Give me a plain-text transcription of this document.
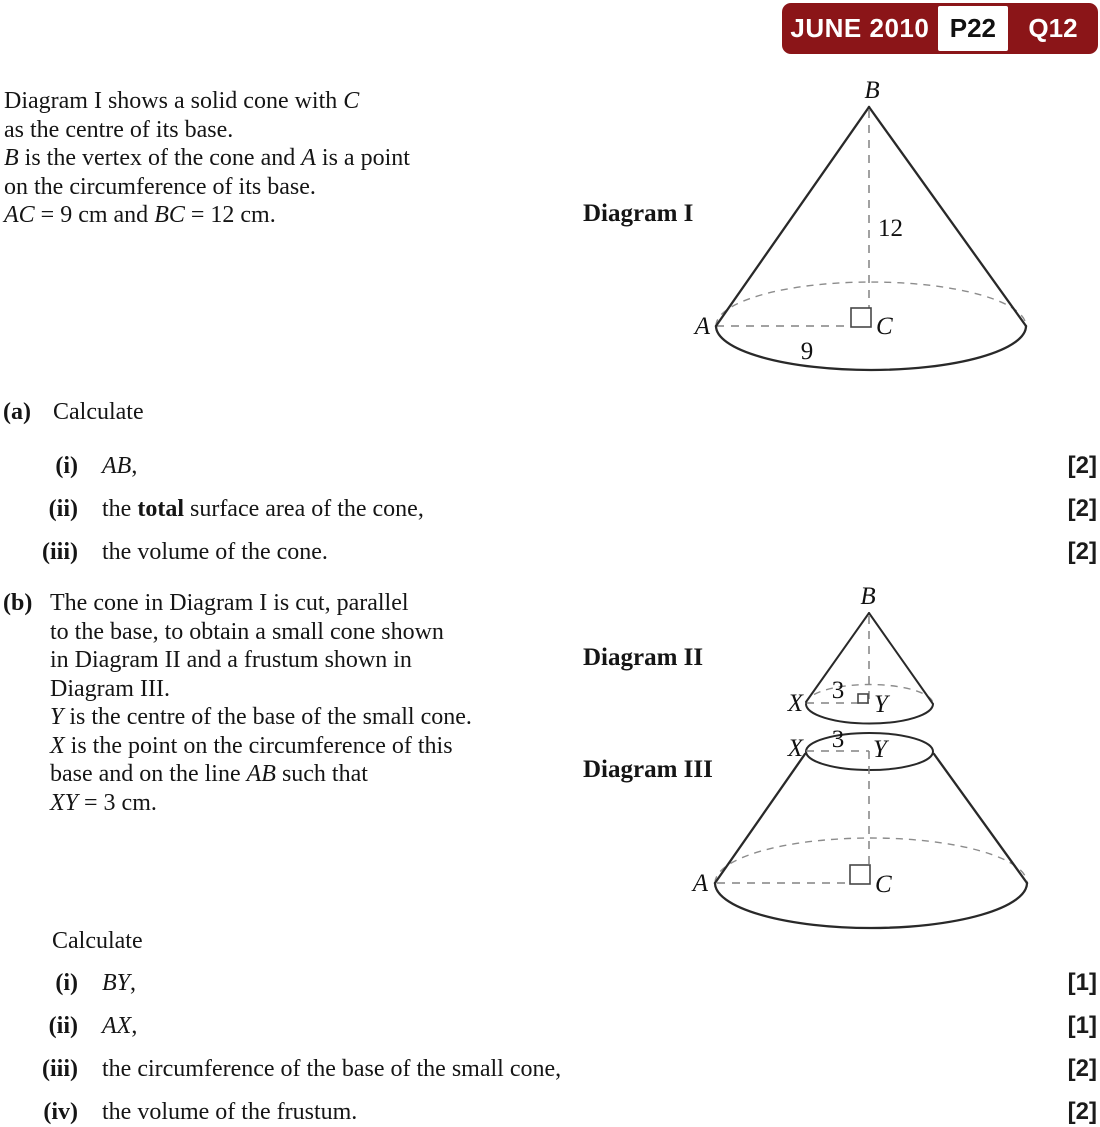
JUNE 2010 P22	Q12
Diagram I shows a solid cone with C
as the centre of its base.
B is the vertex of the cone and A is a point
on the circumference of its base.
AC = 9 cm and BC = 12 cm.	Diagram I
Diagram II
Diagram III
B
12
A
9
C
(a) Calculate
(i) AB,	[2]
(ii) the total surface area of the cone,	[2]
(iii) the volume of the cone.	[2]
(b) The cone in Diagram I is cut, parallel
to the base, to obtain a small cone shown
in Diagram II and a frustum shown in
Diagram III.
Y is the centre of the base of the small cone.
X is the point on the circumference of this
base and on the line AB such that
XY = 3 cm.
B
X 3
Y
X 3 Y
A	C
Calculate
(i) BY,	[1]
(ii) AX,	[1]
(iii) the circumference of the base of the small cone,	[2]
(iv) the volume of the frustum.	[2]
